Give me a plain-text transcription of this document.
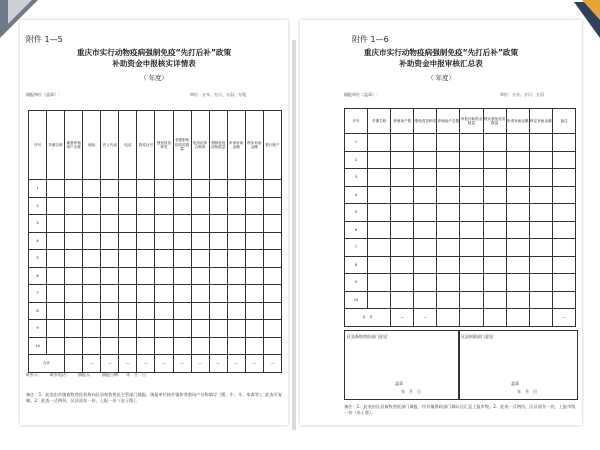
附件 1—5
重庆市实行动物疫病强制免疫“先打后补”政策
补助资金申报核实详情表
（ 年度）
填报单位（盖章）：	单位：万头、万只、万羽、万尾
序号	乡镇名称	畜禽养殖场户名称	地址	法人代表	电话	防疫证号	强免疫苗种类	非强制免疫疫苗数量	免疫抗体合格率	强制免疫动物数量	申请补助金额	核实补助金额	银行账户
1													
2													
3													
4													
5													
6													
7													
8													
9													
10													
合计			—	—	—	—	—	—	—	—	—	—	—
联系人：　　联系电话：　　填报人：　　填报日期：　年　月　日
备注：1．此表由乡镇畜牧兽医机构向区县畜牧兽医主管部门填报。填报单位按乡镇和养殖场户名称填写（猪、牛、羊、家禽等），此表可复制。2．此表一式两份，区县留存一份，上报一份（电子版）。
附件 1—6
重庆市实行动物疫病强制免疫“先打后补”政策
补助资金申报审核汇总表
（ 年度）
填报单位（盖章）：	单位：万头、万只、万羽
序号	乡镇名称	养殖场户数	强免疫苗种类	养殖场户总数	申报补助资金数量	核实强免疫苗数量	申请补助金额	核定补助金额	备注
1									
2									
3									
4									
5									
6									
7									
8									
9									
10									
合　计		—	—						—
区县畜牧兽医部门意见：
盖章
年　月　日
区县财政部门意见：
盖章
年　月　日
备注：1．此表由区县畜牧兽医部门填报，经乡镇财政部门确认后汇总上报市级。2．此表一式两份，区县留存一份，上报市级一份（电子版）。
